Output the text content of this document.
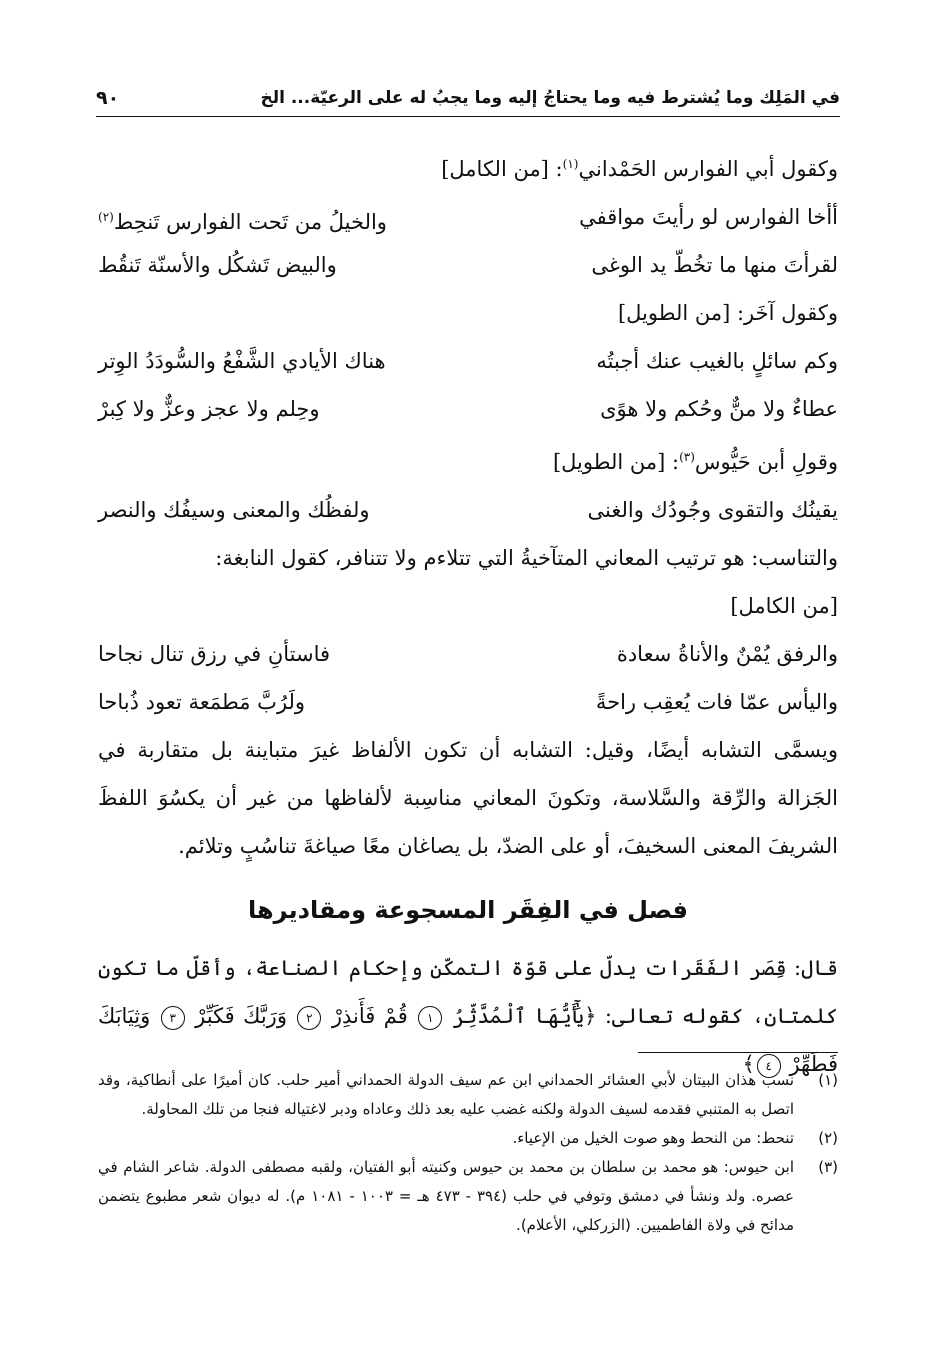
في المَلِك وما يُشترط فيه وما يحتاجُ إليه وما يجبُ له على الرعيّة... الخ
٩٠

وكقول أبي الفوارس الحَمْداني$^{(١)}$: [من الكامل]

أأخا الفوارس لو رأيتَ مواقفي
والخيلُ من تَحت الفوارس تَنحِط$^{(٢)}$
لقرأتَ منها ما تخُطّ يد الوغى
والبيض تَشكُل والأسنّة تَنقُط

وكقول آخَر: [من الطويل]

وكم سائلٍ بالغيب عنك أجبتُه
هناك الأيادي الشَّفْعُ والسُّودَدُ الوِتر
عطاءٌ ولا منٌّ وحُكم ولا هوًى
وحِلم ولا عجز وعزٌّ ولا كِبرْ

وقولِ أبن حَيُّوس$^{(٣)}$: [من الطويل]

يقينُك والتقوى وجُودُك والغنى
ولفظُك والمعنى وسيفُك والنصر

والتناسب: هو ترتيب المعاني المتآخيةُ التي تتلاءم ولا تتنافر، كقول النابغة:

[من الكامل]

والرفق يُمْنٌ والأناةُ سعادة
فاستأنِ في رزق تنال نجاحا
واليأس عمّا فات يُعقِب راحةً
ولَرُبَّ مَطمَعة تعود ذُباحا

ويسمَّى التشابه أيضًا، وقيل: التشابه أن تكون الألفاظ غيرَ متباينة بل متقاربة في الجَزالة والرِّقة والسَّلاسة، وتكونَ المعاني مناسِبة لألفاظها من غير أن يكسُوَ اللفظَ الشريفَ المعنى السخيفَ، أو على الضدّ، بل يصاغان معًا صياغةَ تناسُبٍ وتلائم.

فصل في الفِقَر المسجوعة ومقاديرها

قال: قِصَر الفَقَرات يدلّ على قوّة التمكّن وإحكام الصناعة، وأقلّ ما تكون كلمتان، كقوله تعالى: ﴿يَٰٓأَيُّهَا ٱلْمُدَّثِّرُ ١ قُمْ فَأَنذِرْ ٢ وَرَبَّكَ فَكَبِّرْ ٣ وَثِيَابَكَ فَطَهِّرْ ٤﴾

(١)
نسب هذان البيتان لأبي العشائر الحمداني ابن عم سيف الدولة الحمداني أمير حلب. كان أميرًا على أنطاكية، وقد اتصل به المتنبي فقدمه لسيف الدولة ولكنه غضب عليه بعد ذلك وعاداه ودبر لاغتياله فنجا من تلك المحاولة.
(٢)
تنحط: من النحط وهو صوت الخيل من الإعياء.
(٣)
ابن حيوس: هو محمد بن سلطان بن محمد بن حيوس وكنيته أبو الفتيان، ولقبه مصطفى الدولة. شاعر الشام في عصره. ولد ونشأ في دمشق وتوفي في حلب (٣٩٤ - ٤٧٣ هـ = ١٠٠٣ - ١٠٨١ م). له ديوان شعر مطبوع يتضمن مدائح في ولاة الفاطميين. (الزركلي، الأعلام).
